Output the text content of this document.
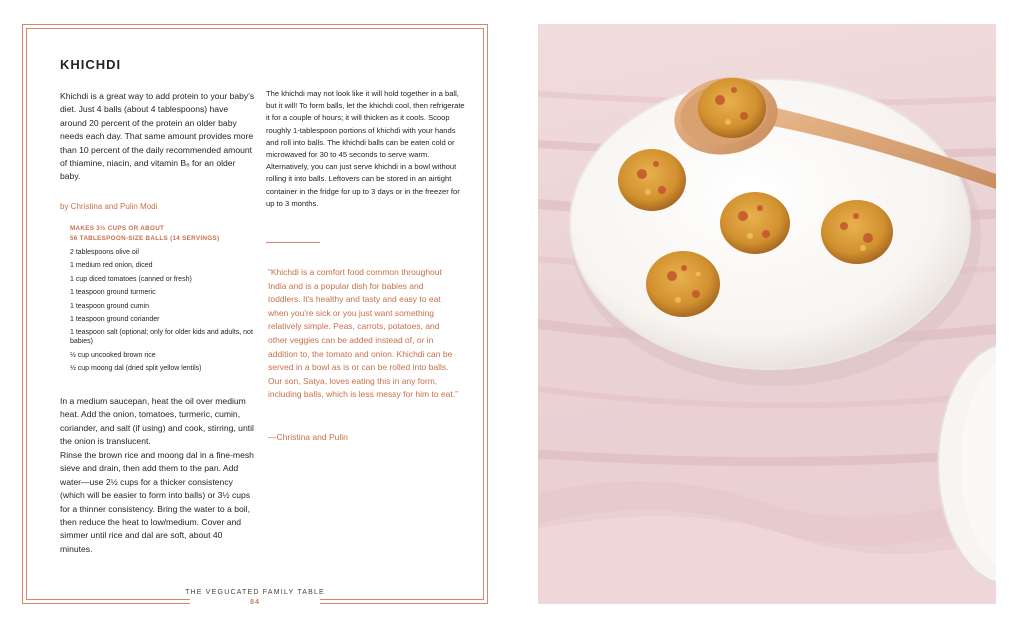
THE VEGUCATED FAMILY TABLE
84
KHICHDI

Khichdi is a great way to add protein to your baby's diet. Just 4 balls (about 4 tablespoons) have around 20 percent of the protein an older baby needs each day. That same amount provides more than 10 percent of the daily recommended amount of thiamine, niacin, and vitamin B₆ for an older baby.

by Christina and Pulin Modi

MAKES 3½ CUPS OR ABOUT
56 TABLESPOON-SIZE BALLS (14 SERVINGS)
2 tablespoons olive oil
1 medium red onion, diced
1 cup diced tomatoes (canned or fresh)
1 teaspoon ground turmeric
1 teaspoon ground cumin
1 teaspoon ground coriander
1 teaspoon salt (optional; only for older kids and adults, not babies)
½ cup uncooked brown rice
½ cup moong dal (dried split yellow lentils)

In a medium saucepan, heat the oil over medium heat. Add the onion, tomatoes, turmeric, cumin, coriander, and salt (if using) and cook, stirring, until the onion is translucent.

Rinse the brown rice and moong dal in a fine-mesh sieve and drain, then add them to the pan. Add water—use 2½ cups for a thicker consistency (which will be easier to form into balls) or 3½ cups for a thinner consistency. Bring the water to a boil, then reduce the heat to low/medium. Cover and simmer until rice and dal are soft, about 40 minutes.

The khichdi may not look like it will hold together in a ball, but it will! To form balls, let the khichdi cool, then refrigerate it for a couple of hours; it will thicken as it cools. Scoop roughly 1-tablespoon portions of khichdi with your hands and roll into balls. The khichdi balls can be eaten cold or microwaved for 30 to 45 seconds to serve warm. Alternatively, you can just serve khichdi in a bowl without rolling it into balls. Leftovers can be stored in an airtight container in the fridge for up to 3 days or in the freezer for up to 3 months.

“Khichdi is a comfort food common throughout India and is a popular dish for babies and toddlers. It's healthy and tasty and easy to eat when you're sick or you just want something relatively simple. Peas, carrots, potatoes, and other veggies can be added instead of, or in addition to, the tomato and onion. Khichdi can be served in a bowl as is or can be rolled into balls. Our son, Satya, loves eating this in any form, including balls, which is less messy for him to eat.”

—Christina and Pulin
